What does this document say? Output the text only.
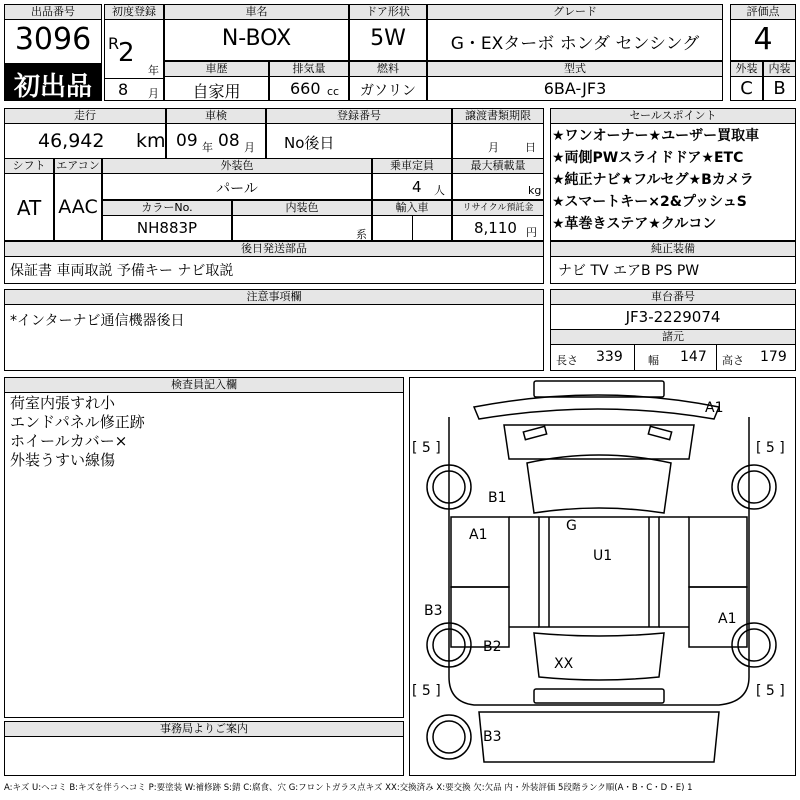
出品番号
3096
初出品
初度登録
R
2
年
8 月
車名
N-BOX
ドア形状
5W
グレード
G・EXターボ ホンダ センシング
評価点
4
車歴
自家用
排気量
660 cc
燃料
ガソリン
型式
6BA-JF3
外装	内装
C	B
走行
46,942 km
車検
09 年 08 月
登録番号
No後日
譲渡書類期限
月 日
シフト
AT
エアコン
AAC
外装色
パール
乗車定員
4 人
最大積載量
kg
カラーNo.
NH883P
内装色
系
輸入車	リサイクル預託金
8,110 円
セールスポイント
★ワンオーナー★ユーザー買取車
★両側PWスライドドア★ETC
★純正ナビ★フルセグ★Bカメラ
★スマートキー×2&プッシュS
★革巻きステア★クルコン
後日発送部品
保証書 車両取説 予備キー ナビ取説
純正装備
ナビ TV エアB PS PW
注意事項欄
*インターナビ通信機器後日
車台番号
JF3-2229074
諸元
長さ 339 幅 147 高さ 179
検査員記入欄
荷室内張すれ小
エンドパネル修正跡
ホイールカバー×
外装うすい線傷
事務局よりご案内
A1
B1
G
A1
U1
B3	A1
B2
XX
B3
[ 5 ]	[ 5 ]
[ 5 ]	[ 5 ]
A:キズ U:ヘコミ B:キズを伴うヘコミ P:要塗装 W:補修跡 S:錆 C:腐食、穴 G:フロントガラス点キズ XX:交換済み X:要交換 欠:欠品 内・外装評価 5段階ランク順(A・B・C・D・E) 1
